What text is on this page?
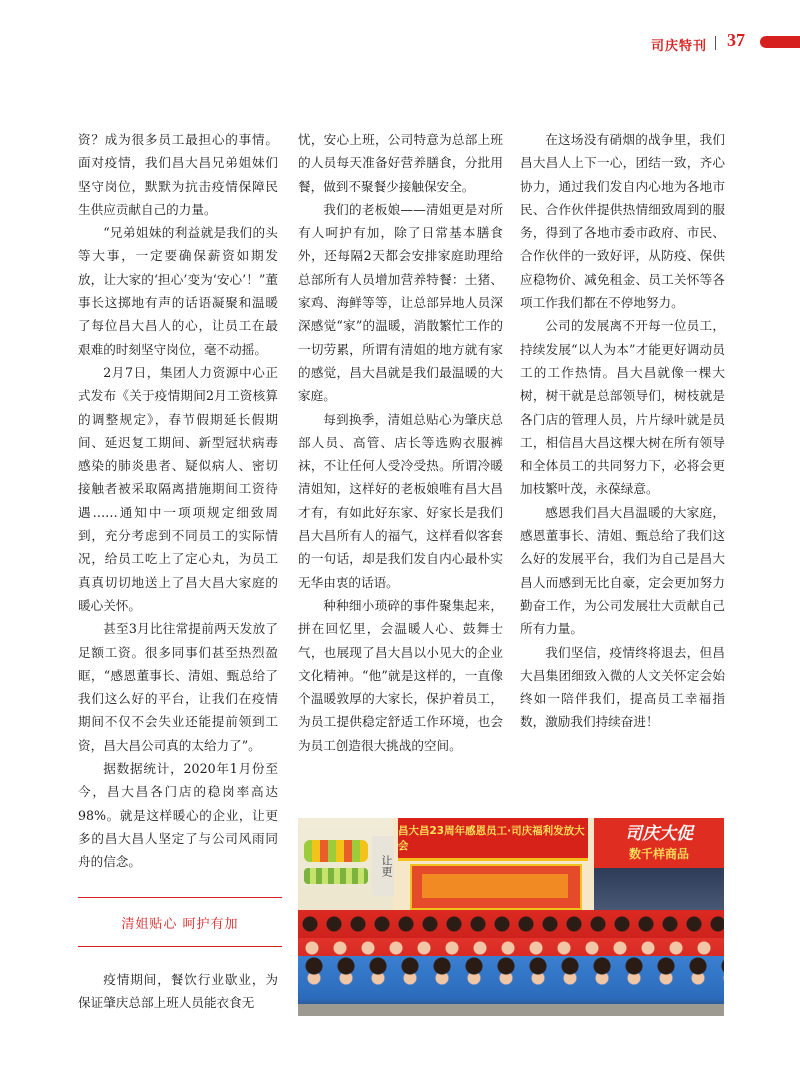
司庆特刊 37

资？成为很多员工最担心的事情。面对疫情，我们昌大昌兄弟姐妹们坚守岗位，默默为抗击疫情保障民生供应贡献自己的力量。

“兄弟姐妹的利益就是我们的头等大事，一定要确保薪资如期发放，让大家的‘担心’变为‘安心’！”董事长这掷地有声的话语凝聚和温暖了每位昌大昌人的心，让员工在最艰难的时刻坚守岗位，毫不动摇。

2月7日，集团人力资源中心正式发布《关于疫情期间2月工资核算的调整规定》，春节假期延长假期间、延迟复工期间、新型冠状病毒感染的肺炎患者、疑似病人、密切接触者被采取隔离措施期间工资待遇……通知中一项项规定细致周到，充分考虑到不同员工的实际情况，给员工吃上了定心丸，为员工真真切切地送上了昌大昌大家庭的暖心关怀。

甚至3月比往常提前两天发放了足额工资。很多同事们甚至热烈盈眶，“感恩董事长、清姐、甄总给了我们这么好的平台，让我们在疫情期间不仅不会失业还能提前领到工资，昌大昌公司真的太给力了”。

据数据统计，2020年1月份至今，昌大昌各门店的稳岗率高达98%。就是这样暖心的企业，让更多的昌大昌人坚定了与公司风雨同舟的信念。

清姐贴心 呵护有加

疫情期间，餐饮行业歇业，为保证肇庆总部上班人员能衣食无

忧，安心上班，公司特意为总部上班的人员每天准备好营养膳食，分批用餐，做到不聚餐少接触保安全。

我们的老板娘——清姐更是对所有人呵护有加，除了日常基本膳食外，还每隔2天都会安排家庭助理给总部所有人员增加营养特餐：土猪、家鸡、海鲜等等，让总部异地人员深深感觉“家”的温暖，消散繁忙工作的一切劳累，所谓有清姐的地方就有家的感觉，昌大昌就是我们最温暖的大家庭。

每到换季，清姐总贴心为肇庆总部人员、高管、店长等选购衣服裤袜，不让任何人受冷受热。所谓冷暖清姐知，这样好的老板娘唯有昌大昌才有，有如此好东家、好家长是我们昌大昌所有人的福气，这样看似客套的一句话，却是我们发自内心最朴实无华由衷的话语。

种种细小琐碎的事件聚集起来，拼在回忆里，会温暖人心、鼓舞士气，也展现了昌大昌以小见大的企业文化精神。“他”就是这样的，一直像个温暖敦厚的大家长，保护着员工，为员工提供稳定舒适工作环境，也会为员工创造很大挑战的空间。

在这场没有硝烟的战争里，我们昌大昌人上下一心，团结一致，齐心协力，通过我们发自内心地为各地市民、合作伙伴提供热情细致周到的服务，得到了各地市委市政府、市民、合作伙伴的一致好评，从防疫、保供应稳物价、减免租金、员工关怀等各项工作我们都在不停地努力。

公司的发展离不开每一位员工，持续发展“以人为本”才能更好调动员工的工作热情。昌大昌就像一棵大树，树干就是总部领导们，树枝就是各门店的管理人员，片片绿叶就是员工，相信昌大昌这棵大树在所有领导和全体员工的共同努力下，必将会更加枝繁叶茂，永葆绿意。

感恩我们昌大昌温暖的大家庭，感恩董事长、清姐、甄总给了我们这么好的发展平台，我们为自己是昌大昌人而感到无比自豪，定会更加努力勤奋工作，为公司发展壮大贡献自己所有力量。

我们坚信，疫情终将退去，但昌大昌集团细致入微的人文关怀定会始终如一陪伴我们，提高员工幸福指数，激励我们持续奋进！

让更
昌大昌23周年感恩员工·司庆福利发放大会
司庆大促
数千样商品
